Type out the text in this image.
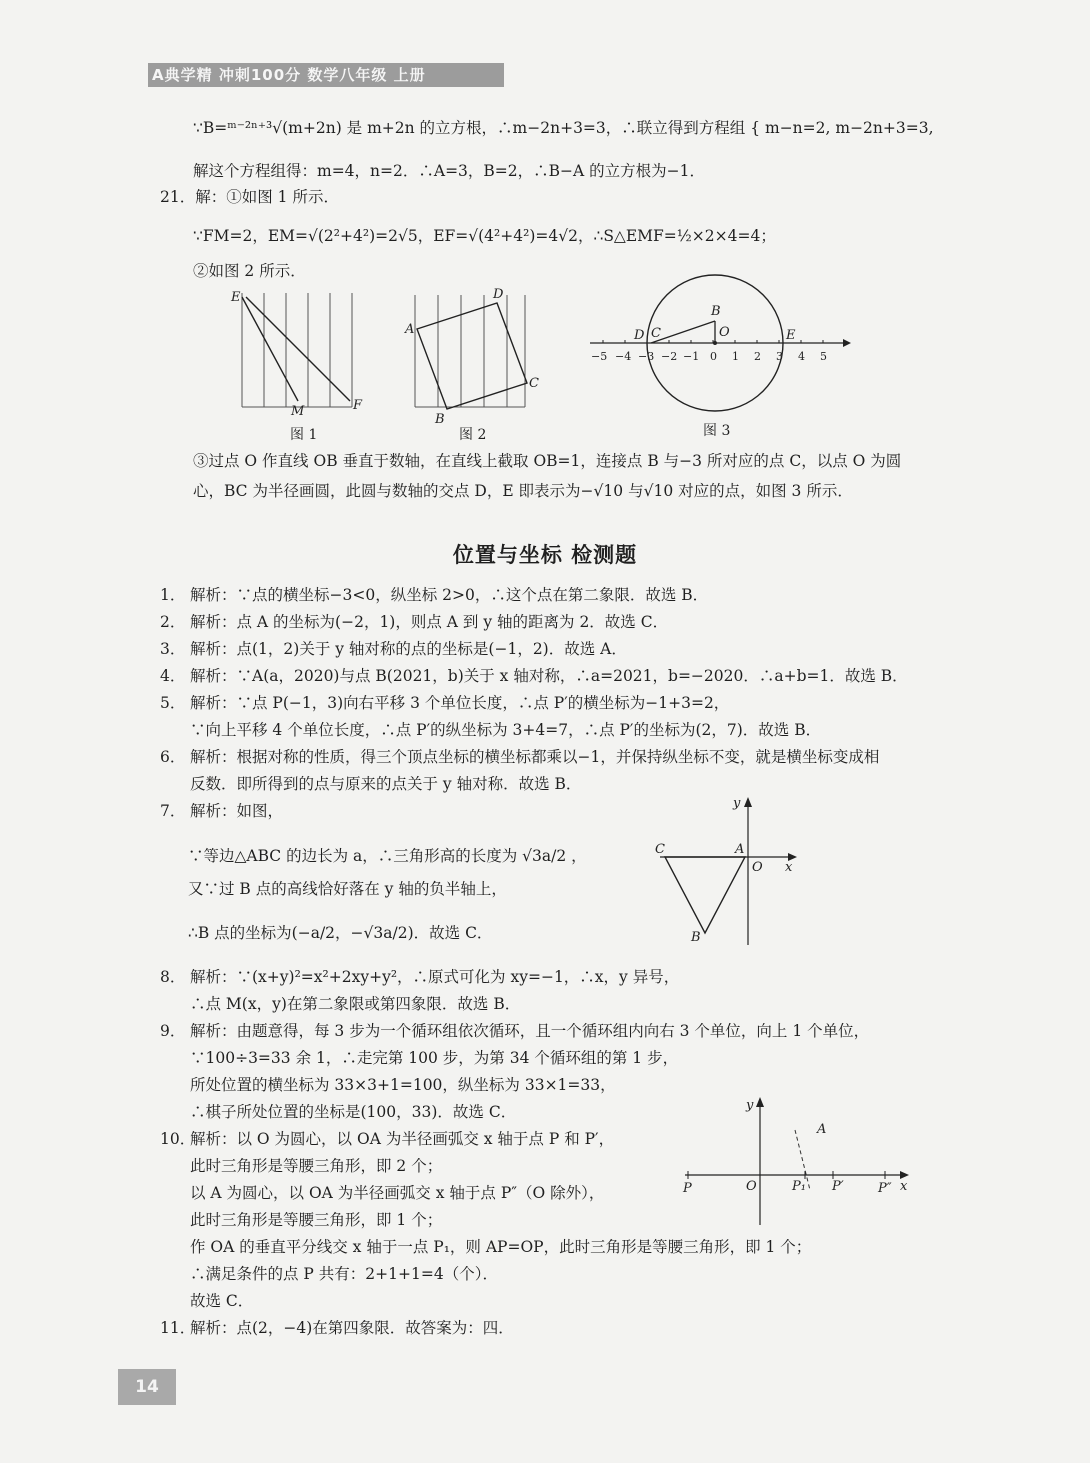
A典学精 冲刺100分 数学八年级 上册
∵B=ᵐ⁻²ⁿ⁺³√(m+2n) 是 m+2n 的立方根，∴m−2n+3=3，∴联立得到方程组 { m−n=2, m−2n+3=3,
解这个方程组得：m=4，n=2．∴A=3，B=2，∴B−A 的立方根为−1．
21．解：①如图 1 所示．
∵FM=2，EM=√(2²+4²)=2√5，EF=√(4²+4²)=4√2，∴S△EMF=½×2×4=4；
②如图 2 所示．
E
M	F
图 1
A
B
C
D
图 2
−5 −4 −3 −2 −1 0 1 2 3 4 5
D C
B
O	E
图 3
③过点 O 作直线 OB 垂直于数轴，在直线上截取 OB=1，连接点 B 与−3 所对应的点 C，以点 O 为圆
心，BC 为半径画圆，此圆与数轴的交点 D，E 即表示为−√10 与√10 对应的点，如图 3 所示．
位置与坐标 检测题
1． 解析：∵点的横坐标−3<0，纵坐标 2>0，∴这个点在第二象限．故选 B．
2． 解析：点 A 的坐标为(−2，1)，则点 A 到 y 轴的距离为 2．故选 C．
3． 解析：点(1，2)关于 y 轴对称的点的坐标是(−1，2)．故选 A．
4． 解析：∵A(a，2020)与点 B(2021，b)关于 x 轴对称，∴a=2021，b=−2020．∴a+b=1．故选 B．
5． 解析：∵点 P(−1，3)向右平移 3 个单位长度，∴点 P′的横坐标为−1+3=2，
∵向上平移 4 个单位长度，∴点 P′的纵坐标为 3+4=7，∴点 P′的坐标为(2，7)．故选 B．
6． 解析：根据对称的性质，得三个顶点坐标的横坐标都乘以−1，并保持纵坐标不变，就是横坐标变成相
反数．即所得到的点与原来的点关于 y 轴对称．故选 B．
7． 解析：如图，
∵等边△ABC 的边长为 a，∴三角形高的长度为 √3a/2 ，
又∵过 B 点的高线恰好落在 y 轴的负半轴上，
∴B 点的坐标为(−a/2，−√3a/2)．故选 C．
y
C	A
O x
B
8． 解析：∵(x+y)²=x²+2xy+y²，∴原式可化为 xy=−1，∴x，y 异号，
∴点 M(x，y)在第二象限或第四象限．故选 B．
9． 解析：由题意得，每 3 步为一个循环组依次循环，且一个循环组内向右 3 个单位，向上 1 个单位，
∵100÷3=33 余 1，∴走完第 100 步，为第 34 个循环组的第 1 步，
所处位置的横坐标为 33×3+1=100，纵坐标为 33×1=33，
∴棋子所处位置的坐标是(100，33)．故选 C．
10．解析：以 O 为圆心，以 OA 为半径画弧交 x 轴于点 P 和 P′，
此时三角形是等腰三角形，即 2 个；
以 A 为圆心，以 OA 为半径画弧交 x 轴于点 P″（O 除外），
此时三角形是等腰三角形，即 1 个；
作 OA 的垂直平分线交 x 轴于一点 P₁，则 AP=OP，此时三角形是等腰三角形，即 1 个；
∴满足条件的点 P 共有：2+1+1=4（个）．
故选 C．
11．解析：点(2，−4)在第四象限．故答案为：四．
y
A
P	O	P₁ P′	P″ x
14
